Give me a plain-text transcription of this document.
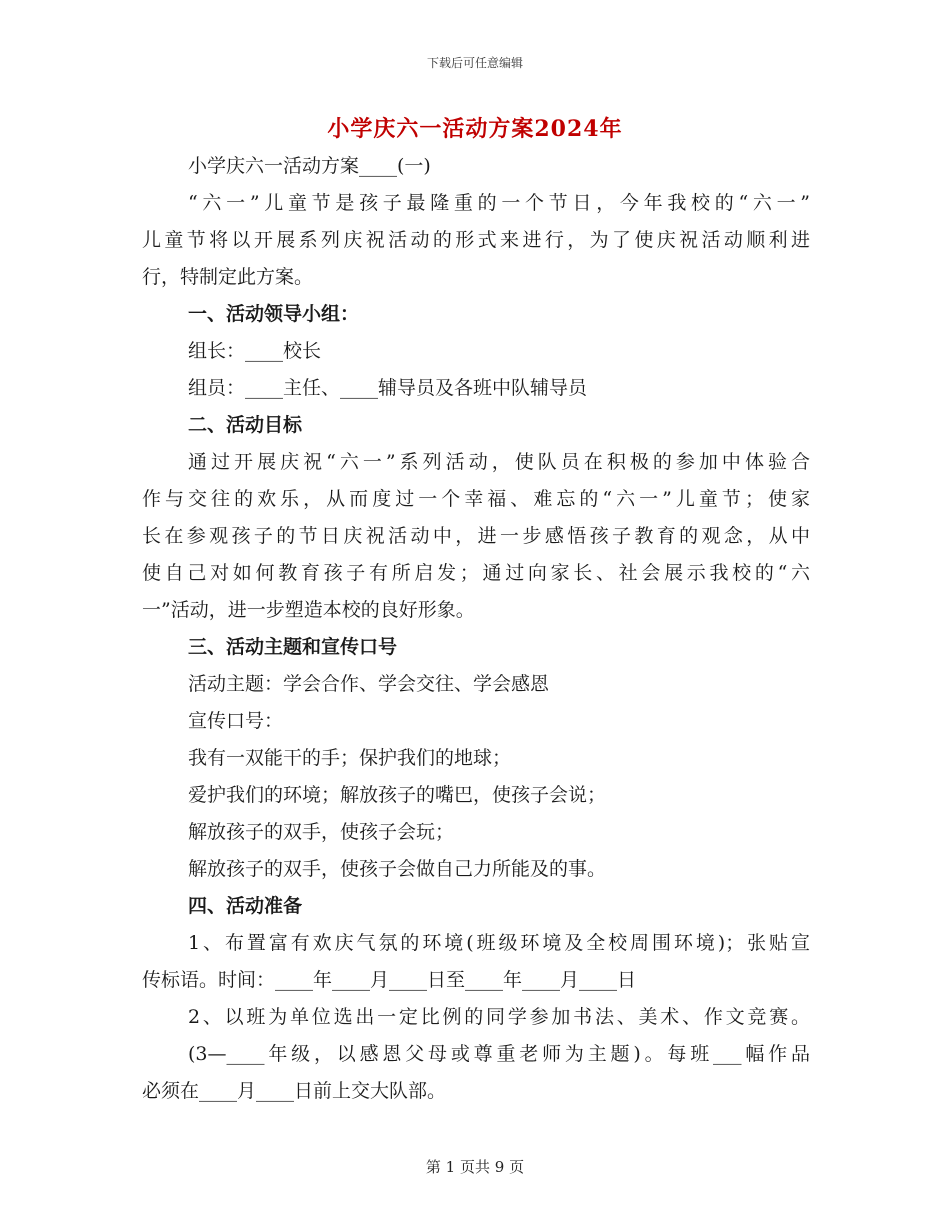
下载后可任意编辑
小学庆六一活动方案2024年
小学庆六一活动方案____(一)
“六一”儿童节是孩子最隆重的一个节日，今年我校的“六一”
儿童节将以开展系列庆祝活动的形式来进行，为了使庆祝活动顺利进
行，特制定此方案。
一、活动领导小组：
组长：____校长
组员：____主任、____辅导员及各班中队辅导员
二、活动目标
通过开展庆祝“六一”系列活动，使队员在积极的参加中体验合
作与交往的欢乐，从而度过一个幸福、难忘的“六一”儿童节；使家
长在参观孩子的节日庆祝活动中，进一步感悟孩子教育的观念，从中
使自己对如何教育孩子有所启发；通过向家长、社会展示我校的“六
一”活动，进一步塑造本校的良好形象。
三、活动主题和宣传口号
活动主题：学会合作、学会交往、学会感恩
宣传口号：
我有一双能干的手；保护我们的地球；
爱护我们的环境；解放孩子的嘴巴，使孩子会说；
解放孩子的双手，使孩子会玩；
解放孩子的双手，使孩子会做自己力所能及的事。
四、活动准备
1、布置富有欢庆气氛的环境(班级环境及全校周围环境)；张贴宣
传标语。时间：____年____月____日至____年____月____日
2、以班为单位选出一定比例的同学参加书法、美术、作文竞赛。
(3—____年级，以感恩父母或尊重老师为主题)。每班___幅作品
必须在____月____日前上交大队部。
第 1 页共 9 页
